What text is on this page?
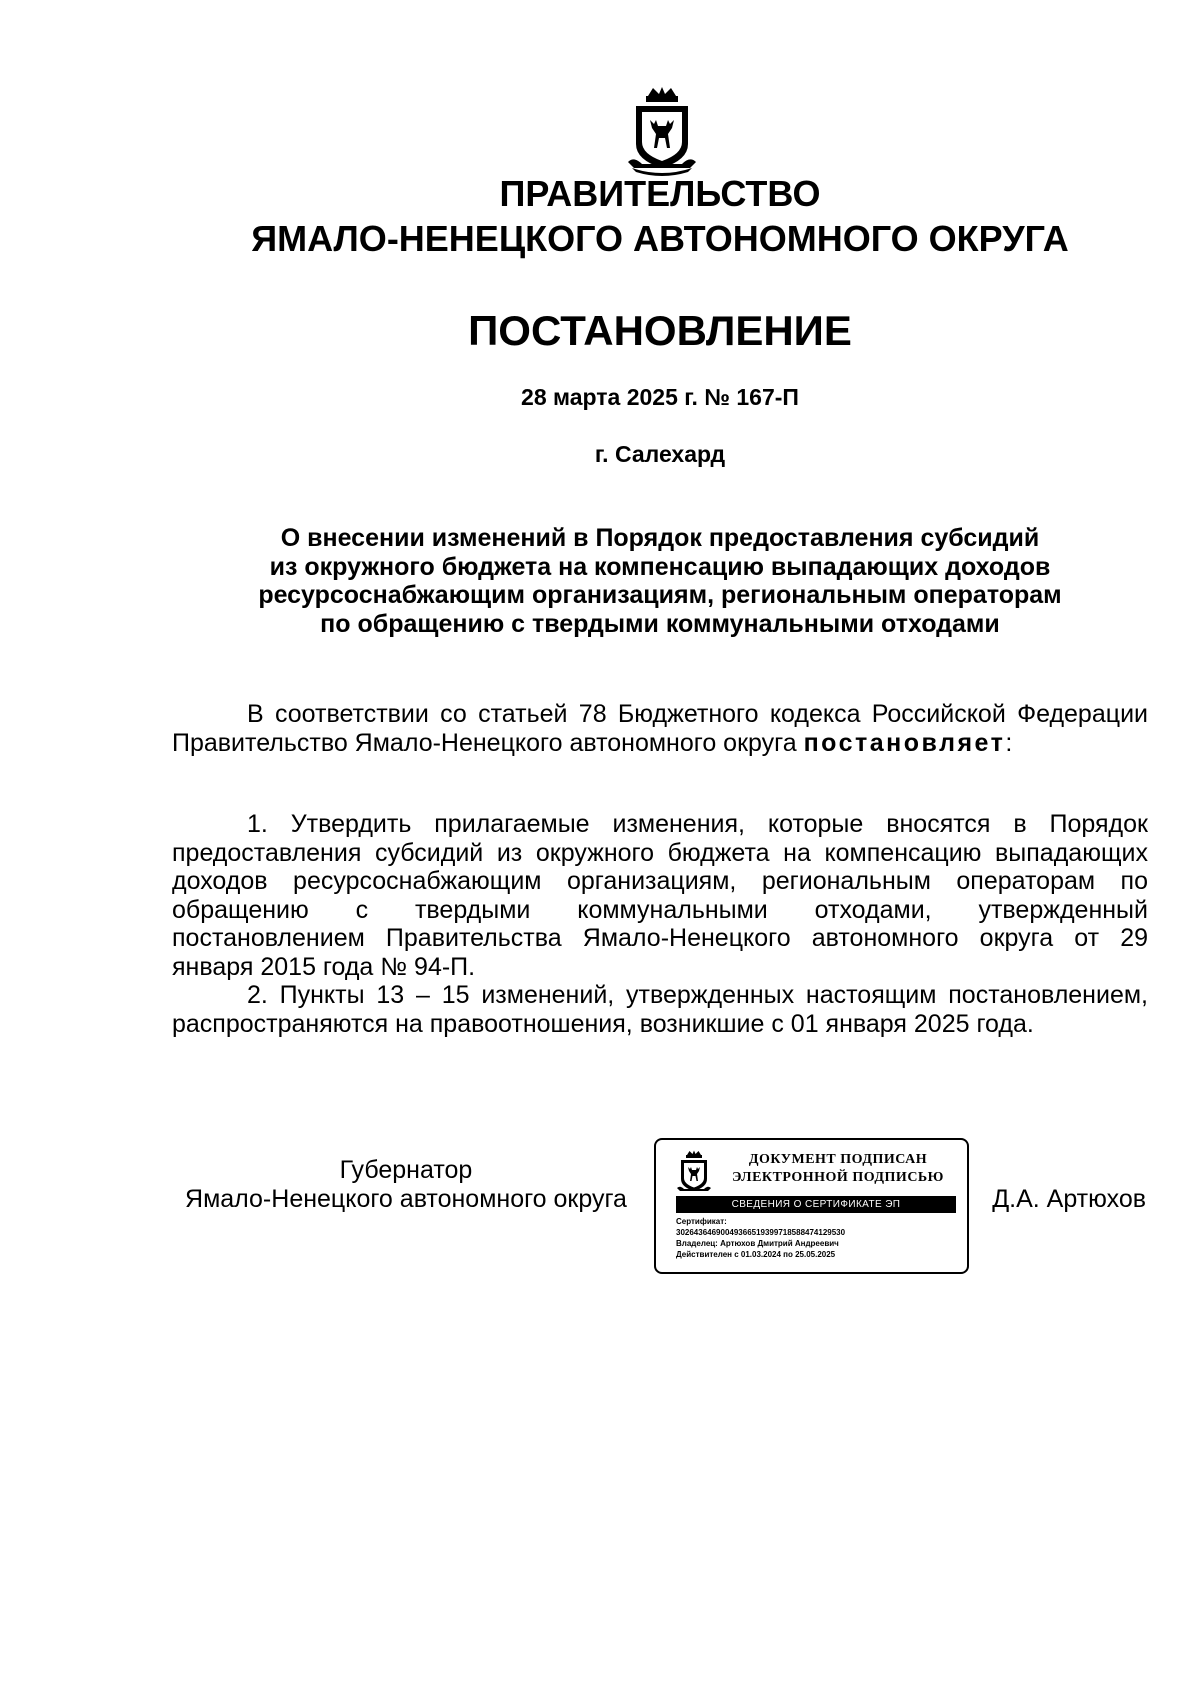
ПРАВИТЕЛЬСТВО
ЯМАЛО-НЕНЕЦКОГО АВТОНОМНОГО ОКРУГА
ПОСТАНОВЛЕНИЕ
28 марта 2025 г. № 167-П
г. Салехард
О внесении изменений в Порядок предоставления субсидий
из окружного бюджета на компенсацию выпадающих доходов
ресурсоснабжающим организациям, региональным операторам
по обращению с твердыми коммунальными отходами

В соответствии со статьей 78 Бюджетного кодекса Российской Федерации Правительство Ямало-Ненецкого автономного округа постановляет:

1. Утвердить прилагаемые изменения, которые вносятся в Порядок предоставления субсидий из окружного бюджета на компенсацию выпадающих доходов ресурсоснабжающим организациям, региональным операторам по обращению с твердыми коммунальными отходами, утвержденный постановлением Правительства Ямало-Ненецкого автономного округа от 29 января 2015 года № 94-П.

2. Пункты 13 – 15 изменений, утвержденных настоящим постановлением, распространяются на правоотношения, возникшие с 01 января 2025 года.

Губернатор
Ямало-Ненецкого автономного округа
ДОКУМЕНТ ПОДПИСАН
ЭЛЕКТРОННОЙ ПОДПИСЬЮ
СВЕДЕНИЯ О СЕРТИФИКАТЕ ЭП
Сертификат:
30264364690049366519399718588474129530
Владелец: Артюхов Дмитрий Андреевич
Действителен с 01.03.2024 по 25.05.2025
Д.А. Артюхов
